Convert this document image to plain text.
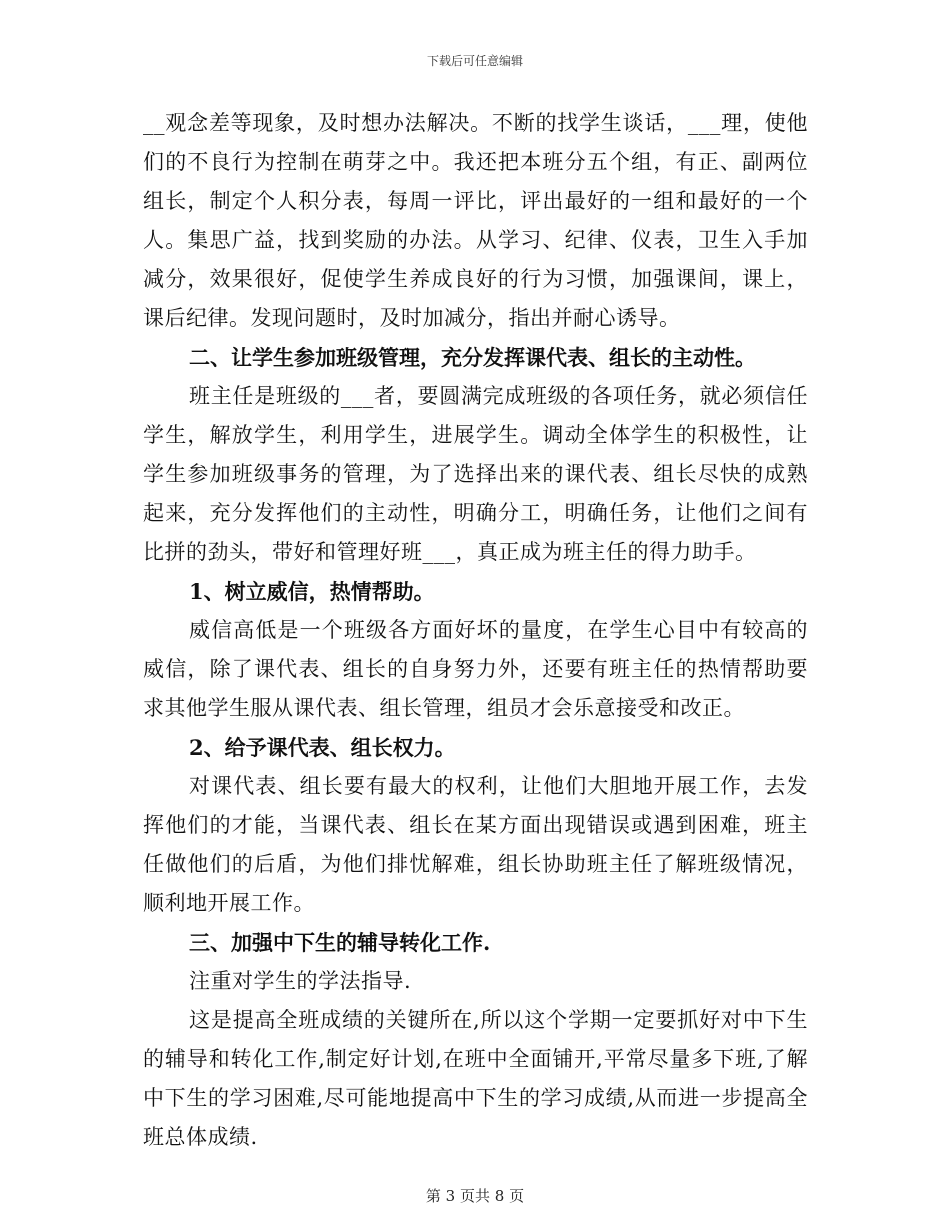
下载后可任意编辑

__观念差等现象，及时想办法解决。不断的找学生谈话，___理，使他们的不良行为控制在萌芽之中。我还把本班分五个组，有正、副两位组长，制定个人积分表，每周一评比，评出最好的一组和最好的一个人。集思广益，找到奖励的办法。从学习、纪律、仪表，卫生入手加减分，效果很好，促使学生养成良好的行为习惯，加强课间，课上，课后纪律。发现问题时，及时加减分，指出并耐心诱导。

二、让学生参加班级管理，充分发挥课代表、组长的主动性。

班主任是班级的___者，要圆满完成班级的各项任务，就必须信任学生，解放学生，利用学生，进展学生。调动全体学生的积极性，让学生参加班级事务的管理，为了选择出来的课代表、组长尽快的成熟起来，充分发挥他们的主动性，明确分工，明确任务，让他们之间有比拼的劲头，带好和管理好班___，真正成为班主任的得力助手。

1、树立威信，热情帮助。

威信高低是一个班级各方面好坏的量度，在学生心目中有较高的威信，除了课代表、组长的自身努力外，还要有班主任的热情帮助要求其他学生服从课代表、组长管理，组员才会乐意接受和改正。

2、给予课代表、组长权力。

对课代表、组长要有最大的权利，让他们大胆地开展工作，去发挥他们的才能，当课代表、组长在某方面出现错误或遇到困难，班主任做他们的后盾，为他们排忧解难，组长协助班主任了解班级情况，顺利地开展工作。

三、加强中下生的辅导转化工作.

注重对学生的学法指导.

这是提高全班成绩的关键所在,所以这个学期一定要抓好对中下生的辅导和转化工作,制定好计划,在班中全面铺开,平常尽量多下班,了解中下生的学习困难,尽可能地提高中下生的学习成绩,从而进一步提高全班总体成绩.

第 3 页共 8 页
